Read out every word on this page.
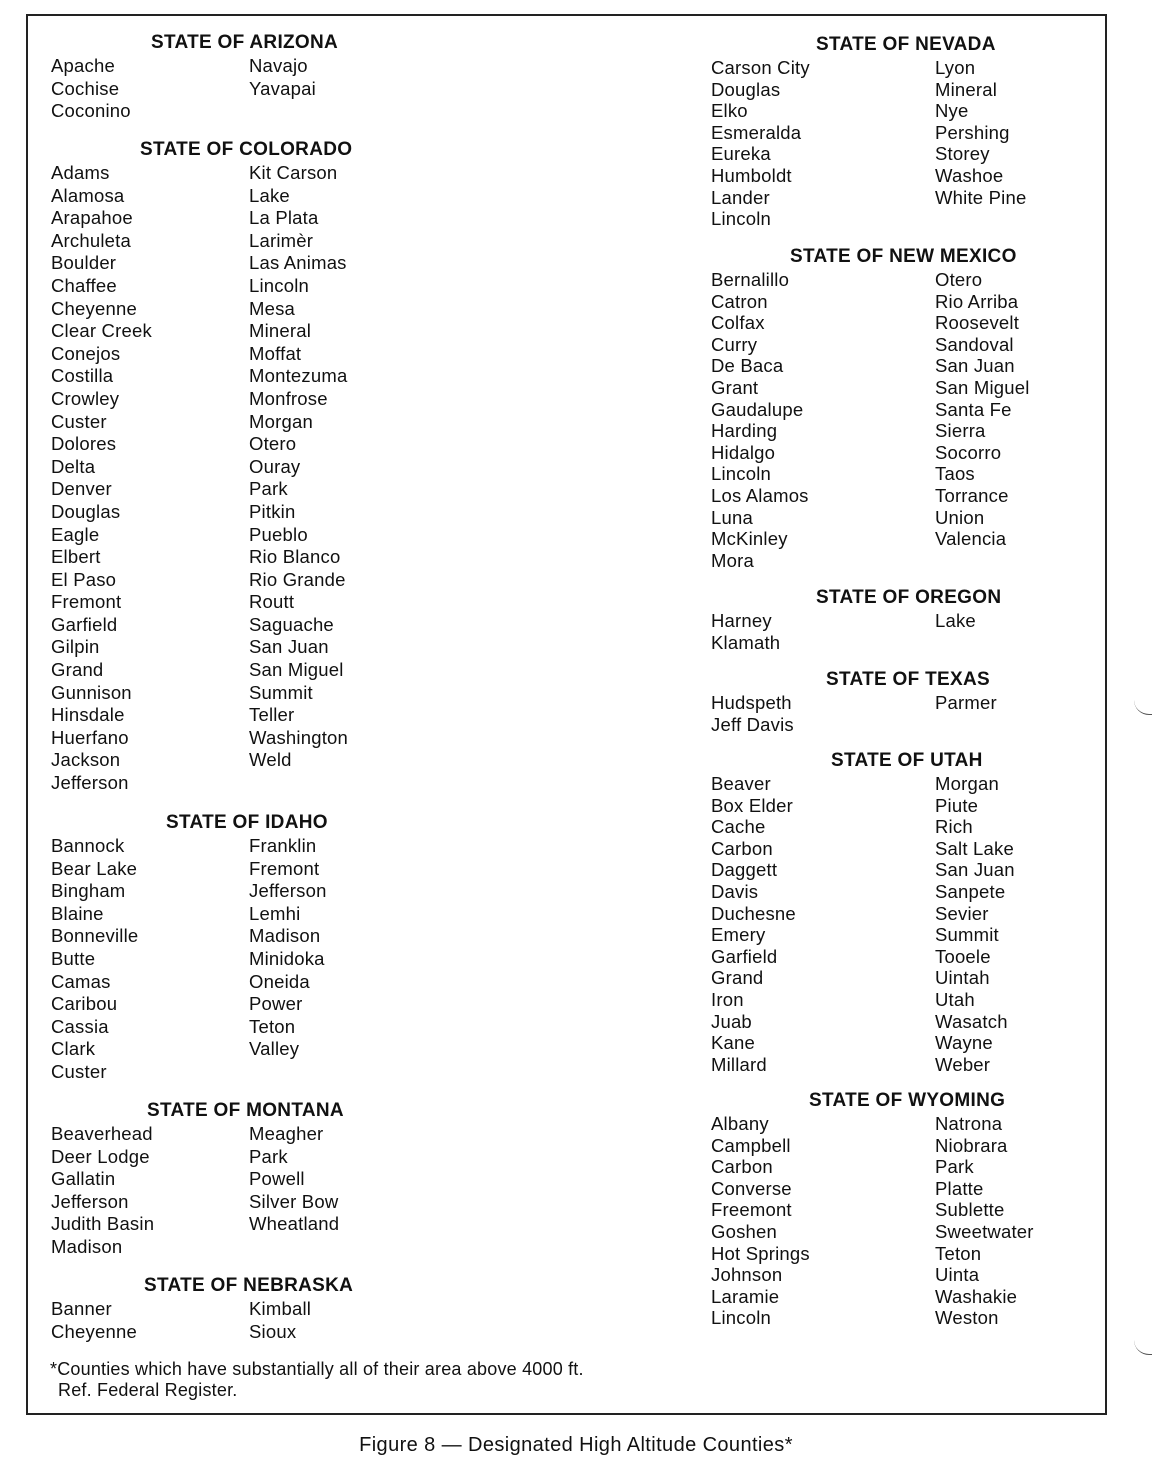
STATE OF ARIZONA
Apache
Cochise
Coconino
Navajo
Yavapai
STATE OF COLORADO
Adams
Alamosa
Arapahoe
Archuleta
Boulder
Chaffee
Cheyenne
Clear Creek
Conejos
Costilla
Crowley
Custer
Dolores
Delta
Denver
Douglas
Eagle
Elbert
El Paso
Fremont
Garfield
Gilpin
Grand
Gunnison
Hinsdale
Huerfano
Jackson
Jefferson
Kit Carson
Lake
La Plata
Larimèr
Las Animas
Lincoln
Mesa
Mineral
Moffat
Montezuma
Monfrose
Morgan
Otero
Ouray
Park
Pitkin
Pueblo
Rio Blanco
Rio Grande
Routt
Saguache
San Juan
San Miguel
Summit
Teller
Washington
Weld
STATE OF IDAHO
Bannock
Bear Lake
Bingham
Blaine
Bonneville
Butte
Camas
Caribou
Cassia
Clark
Custer
Franklin
Fremont
Jefferson
Lemhi
Madison
Minidoka
Oneida
Power
Teton
Valley
STATE OF MONTANA
Beaverhead
Deer Lodge
Gallatin
Jefferson
Judith Basin
Madison
Meagher
Park
Powell
Silver Bow
Wheatland
STATE OF NEBRASKA
Banner
Cheyenne
Kimball
Sioux
STATE OF NEVADA
Carson City
Douglas
Elko
Esmeralda
Eureka
Humboldt
Lander
Lincoln
Lyon
Mineral
Nye
Pershing
Storey
Washoe
White Pine
STATE OF NEW MEXICO
Bernalillo
Catron
Colfax
Curry
De Baca
Grant
Gaudalupe
Harding
Hidalgo
Lincoln
Los Alamos
Luna
McKinley
Mora
Otero
Rio Arriba
Roosevelt
Sandoval
San Juan
San Miguel
Santa Fe
Sierra
Socorro
Taos
Torrance
Union
Valencia
STATE OF OREGON
Harney
Klamath
Lake
STATE OF TEXAS
Hudspeth
Jeff Davis
Parmer
STATE OF UTAH
Beaver
Box Elder
Cache
Carbon
Daggett
Davis
Duchesne
Emery
Garfield
Grand
Iron
Juab
Kane
Millard
Morgan
Piute
Rich
Salt Lake
San Juan
Sanpete
Sevier
Summit
Tooele
Uintah
Utah
Wasatch
Wayne
Weber
STATE OF WYOMING
Albany
Campbell
Carbon
Converse
Freemont
Goshen
Hot Springs
Johnson
Laramie
Lincoln
Natrona
Niobrara
Park
Platte
Sublette
Sweetwater
Teton
Uinta
Washakie
Weston
*Counties which have substantially all of their area above 4000 ft.
Ref. Federal Register.
Figure 8 — Designated High Altitude Counties*
